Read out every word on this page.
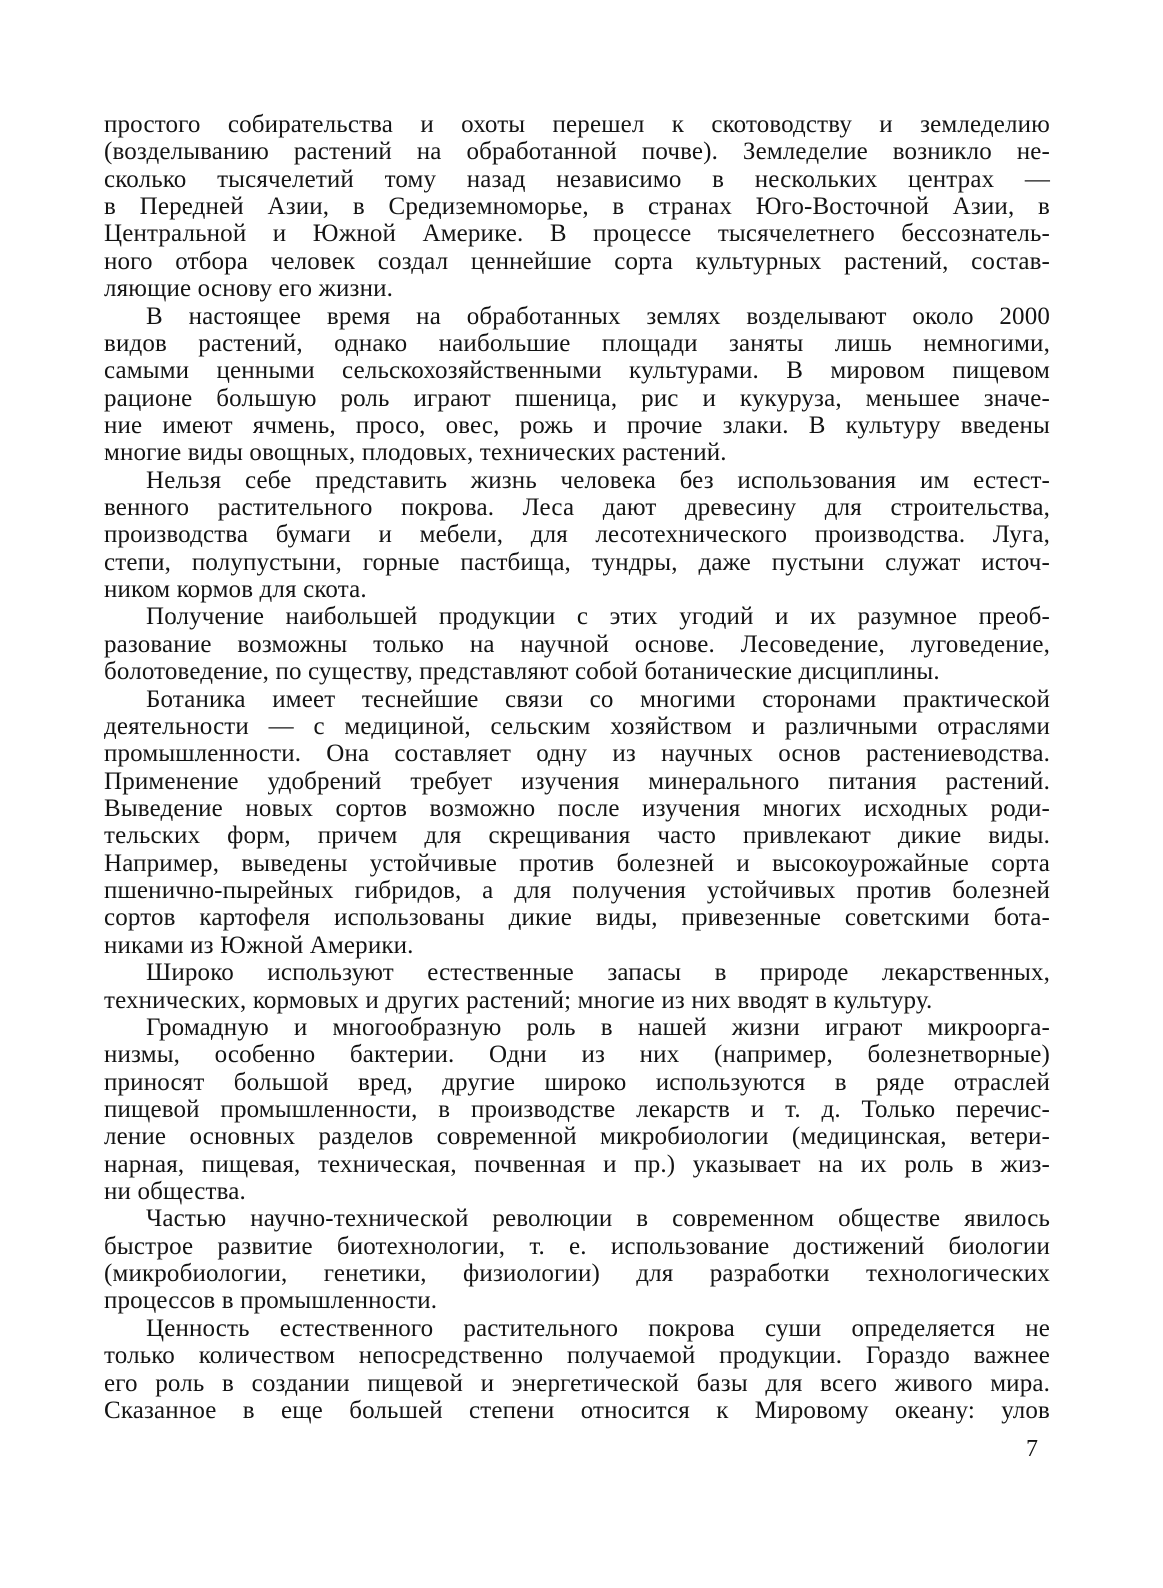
простого собирательства и охоты перешел к скотоводству и земледелию
(возделыванию растений на обработанной почве). Земледелие возникло не-
сколько тысячелетий тому назад независимо в нескольких центрах —
в Передней Азии, в Средиземноморье, в странах Юго-Восточной Азии, в
Центральной и Южной Америке. В процессе тысячелетнего бессознатель-
ного отбора человек создал ценнейшие сорта культурных растений, состав-
ляющие основу его жизни.
В настоящее время на обработанных землях возделывают около 2000
видов растений, однако наибольшие площади заняты лишь немногими,
самыми ценными сельскохозяйственными культурами. В мировом пищевом
рационе большую роль играют пшеница, рис и кукуруза, меньшее значе-
ние имеют ячмень, просо, овес, рожь и прочие злаки. В культуру введены
многие виды овощных, плодовых, технических растений.
Нельзя себе представить жизнь человека без использования им естест-
венного растительного покрова. Леса дают древесину для строительства,
производства бумаги и мебели, для лесотехнического производства. Луга,
степи, полупустыни, горные пастбища, тундры, даже пустыни служат источ-
ником кормов для скота.
Получение наибольшей продукции с этих угодий и их разумное преоб-
разование возможны только на научной основе. Лесоведение, луговедение,
болотоведение, по существу, представляют собой ботанические дисциплины.
Ботаника имеет теснейшие связи со многими сторонами практической
деятельности — с медициной, сельским хозяйством и различными отраслями
промышленности. Она составляет одну из научных основ растениеводства.
Применение удобрений требует изучения минерального питания растений.
Выведение новых сортов возможно после изучения многих исходных роди-
тельских форм, причем для скрещивания часто привлекают дикие виды.
Например, выведены устойчивые против болезней и высокоурожайные сорта
пшенично-пырейных гибридов, а для получения устойчивых против болезней
сортов картофеля использованы дикие виды, привезенные советскими бота-
никами из Южной Америки.
Широко используют естественные запасы в природе лекарственных,
технических, кормовых и других растений; многие из них вводят в культуру.
Громадную и многообразную роль в нашей жизни играют микроорга-
низмы, особенно бактерии. Одни из них (например, болезнетворные)
приносят большой вред, другие широко используются в ряде отраслей
пищевой промышленности, в производстве лекарств и т. д. Только перечис-
ление основных разделов современной микробиологии (медицинская, ветери-
нарная, пищевая, техническая, почвенная и пр.) указывает на их роль в жиз-
ни общества.
Частью научно-технической революции в современном обществе явилось
быстрое развитие биотехнологии, т. е. использование достижений биологии
(микробиологии, генетики, физиологии) для разработки технологических
процессов в промышленности.
Ценность естественного растительного покрова суши определяется не
только количеством непосредственно получаемой продукции. Гораздо важнее
его роль в создании пищевой и энергетической базы для всего живого мира.
Сказанное в еще большей степени относится к Мировому океану: улов
7
